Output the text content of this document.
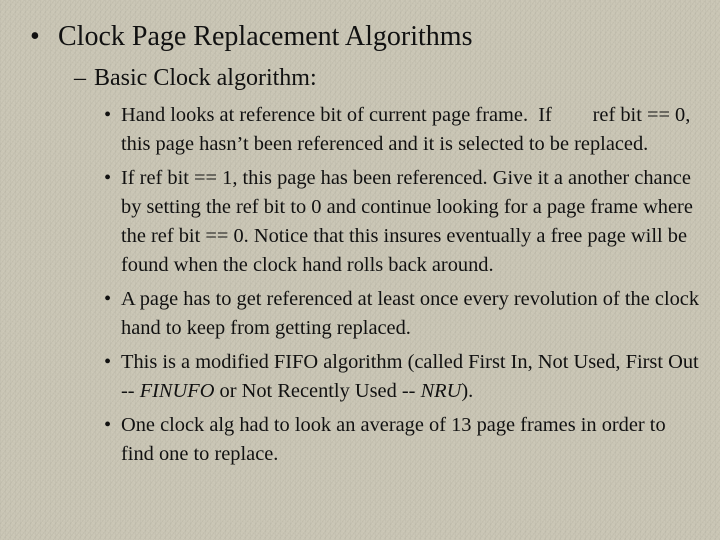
• Clock Page Replacement Algorithms
– Basic Clock algorithm:
• Hand looks at reference bit of current page frame.  If        ref bit == 0, this page hasn’t been referenced and it is selected to be replaced.
• If ref bit == 1, this page has been referenced. Give it a another chance by setting the ref bit to 0 and continue looking for a page frame where the ref bit == 0. Notice that this insures eventually a free page will be found when the clock hand rolls back around.
• A page has to get referenced at least once every revolution of the clock hand to keep from getting replaced.
• This is a modified FIFO algorithm (called First In, Not Used, First Out -- FINUFO or Not Recently Used -- NRU).
• One clock alg had to look an average of 13 page frames in order to find one to replace.
